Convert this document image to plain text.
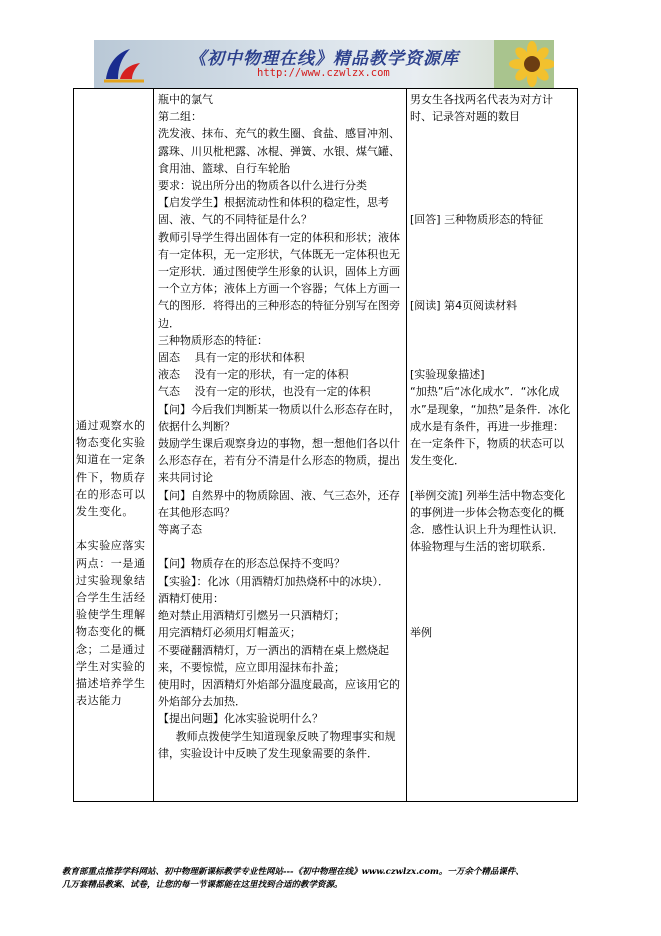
《初中物理在线》精品教学资源库
http://www.czwlzx.com

通过观察水的物态变化实验知道在一定条件下，物质存在的形态可以发生变化。

本实验应落实两点：一是通过实验现象结合学生生活经验使学生理解物态变化的概念；二是通过学生对实验的描述培养学生表达能力

瓶中的氯气

第二组：

洗发液、抹布、充气的救生圈、食盐、感冒冲剂、露珠、川贝枇杷露、冰棍、弹簧、水银、煤气罐、食用油、篮球、自行车轮胎

要求：说出所分出的物质各以什么进行分类

【启发学生】根据流动性和体积的稳定性，思考固、液、气的不同特征是什么？

教师引导学生得出固体有一定的体积和形状；液体有一定体积，无一定形状，气体既无一定体积也无一定形状．通过图使学生形象的认识，固体上方画一个立方体；液体上方画一个容器；气体上方画一气的图形．将得出的三种形态的特征分别写在图旁边．

三种物质形态的特征：

固态　 具有一定的形状和体积

液态　 没有一定的形状，有一定的体积

气态　 没有一定的形状，也没有一定的体积

【问】今后我们判断某一物质以什么形态存在时，依据什么判断？

鼓励学生课后观察身边的事物，想一想他们各以什么形态存在，若有分不清是什么形态的物质，提出来共同讨论

【问】自然界中的物质除固、液、气三态外，还存在其他形态吗？

等离子态

【问】物质存在的形态总保持不变吗？

【实验】：化冰（用酒精灯加热烧杯中的冰块）．

酒精灯使用：

绝对禁止用酒精灯引燃另一只酒精灯；

用完酒精灯必须用灯帽盖灭；

不要碰翻酒精灯，万一洒出的酒精在桌上燃烧起来，不要惊慌，应立即用湿抹布扑盖；

使用时，因酒精灯外焰部分温度最高，应该用它的外焰部分去加热．

【提出问题】化冰实验说明什么？

教师点拨使学生知道现象反映了物理事实和规律，实验设计中反映了发生现象需要的条件．

男女生各找两名代表为对方计时、记录答对题的数目

[回答] 三种物质形态的特征

[阅读] 第4页阅读材料

[实验现象描述]

“加热”后“冰化成水”．“冰化成水”是现象，“加热”是条件．冰化成水是有条件，再进一步推理：在一定条件下，物质的状态可以发生变化．

[举例交流] 列举生活中物态变化的事例进一步体会物态变化的概念．感性认识上升为理性认识．体验物理与生活的密切联系．

举例

教育部重点推荐学科网站、初中物理新课标教学专业性网站---《初中物理在线》www.czwlzx.com。一万余个精品课件、

几万套精品教案、试卷，让您的每一节课都能在这里找到合适的教学资源。
